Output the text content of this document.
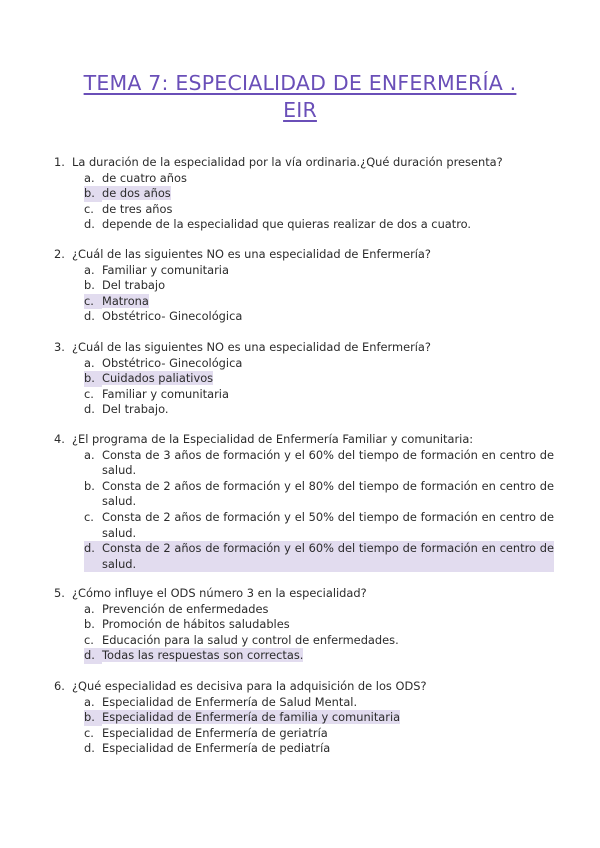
TEMA 7: ESPECIALIDAD DE ENFERMERÍA .
EIR
1. La duración de la especialidad por la vía ordinaria.¿Qué duración presenta?
a. de cuatro años
b. de dos años
c. de tres años
d. depende de la especialidad que quieras realizar de dos a cuatro.
2. ¿Cuál de las siguientes NO es una especialidad de Enfermería?
a. Familiar y comunitaria
b. Del trabajo
c. Matrona
d. Obstétrico- Ginecológica
3. ¿Cuál de las siguientes NO es una especialidad de Enfermería?
a. Obstétrico- Ginecológica
b. Cuidados paliativos
c. Familiar y comunitaria
d. Del trabajo.
4. ¿El programa de la Especialidad de Enfermería Familiar y comunitaria:
a. Consta de 3 años de formación y el 60% del tiempo de formación en centro de salud.
b. Consta de 2 años de formación y el 80% del tiempo de formación en centro de salud.
c. Consta de 2 años de formación y el 50% del tiempo de formación en centro de salud.
d. Consta de 2 años de formación y el 60% del tiempo de formación en centro de salud.
5. ¿Cómo influye el ODS número 3 en la especialidad?
a. Prevención de enfermedades
b. Promoción de hábitos saludables
c. Educación para la salud y control de enfermedades.
d. Todas las respuestas son correctas.
6. ¿Qué especialidad es decisiva para la adquisición de los ODS?
a. Especialidad de Enfermería de Salud Mental.
b. Especialidad de Enfermería de familia y comunitaria
c. Especialidad de Enfermería de geriatría
d. Especialidad de Enfermería de pediatría
